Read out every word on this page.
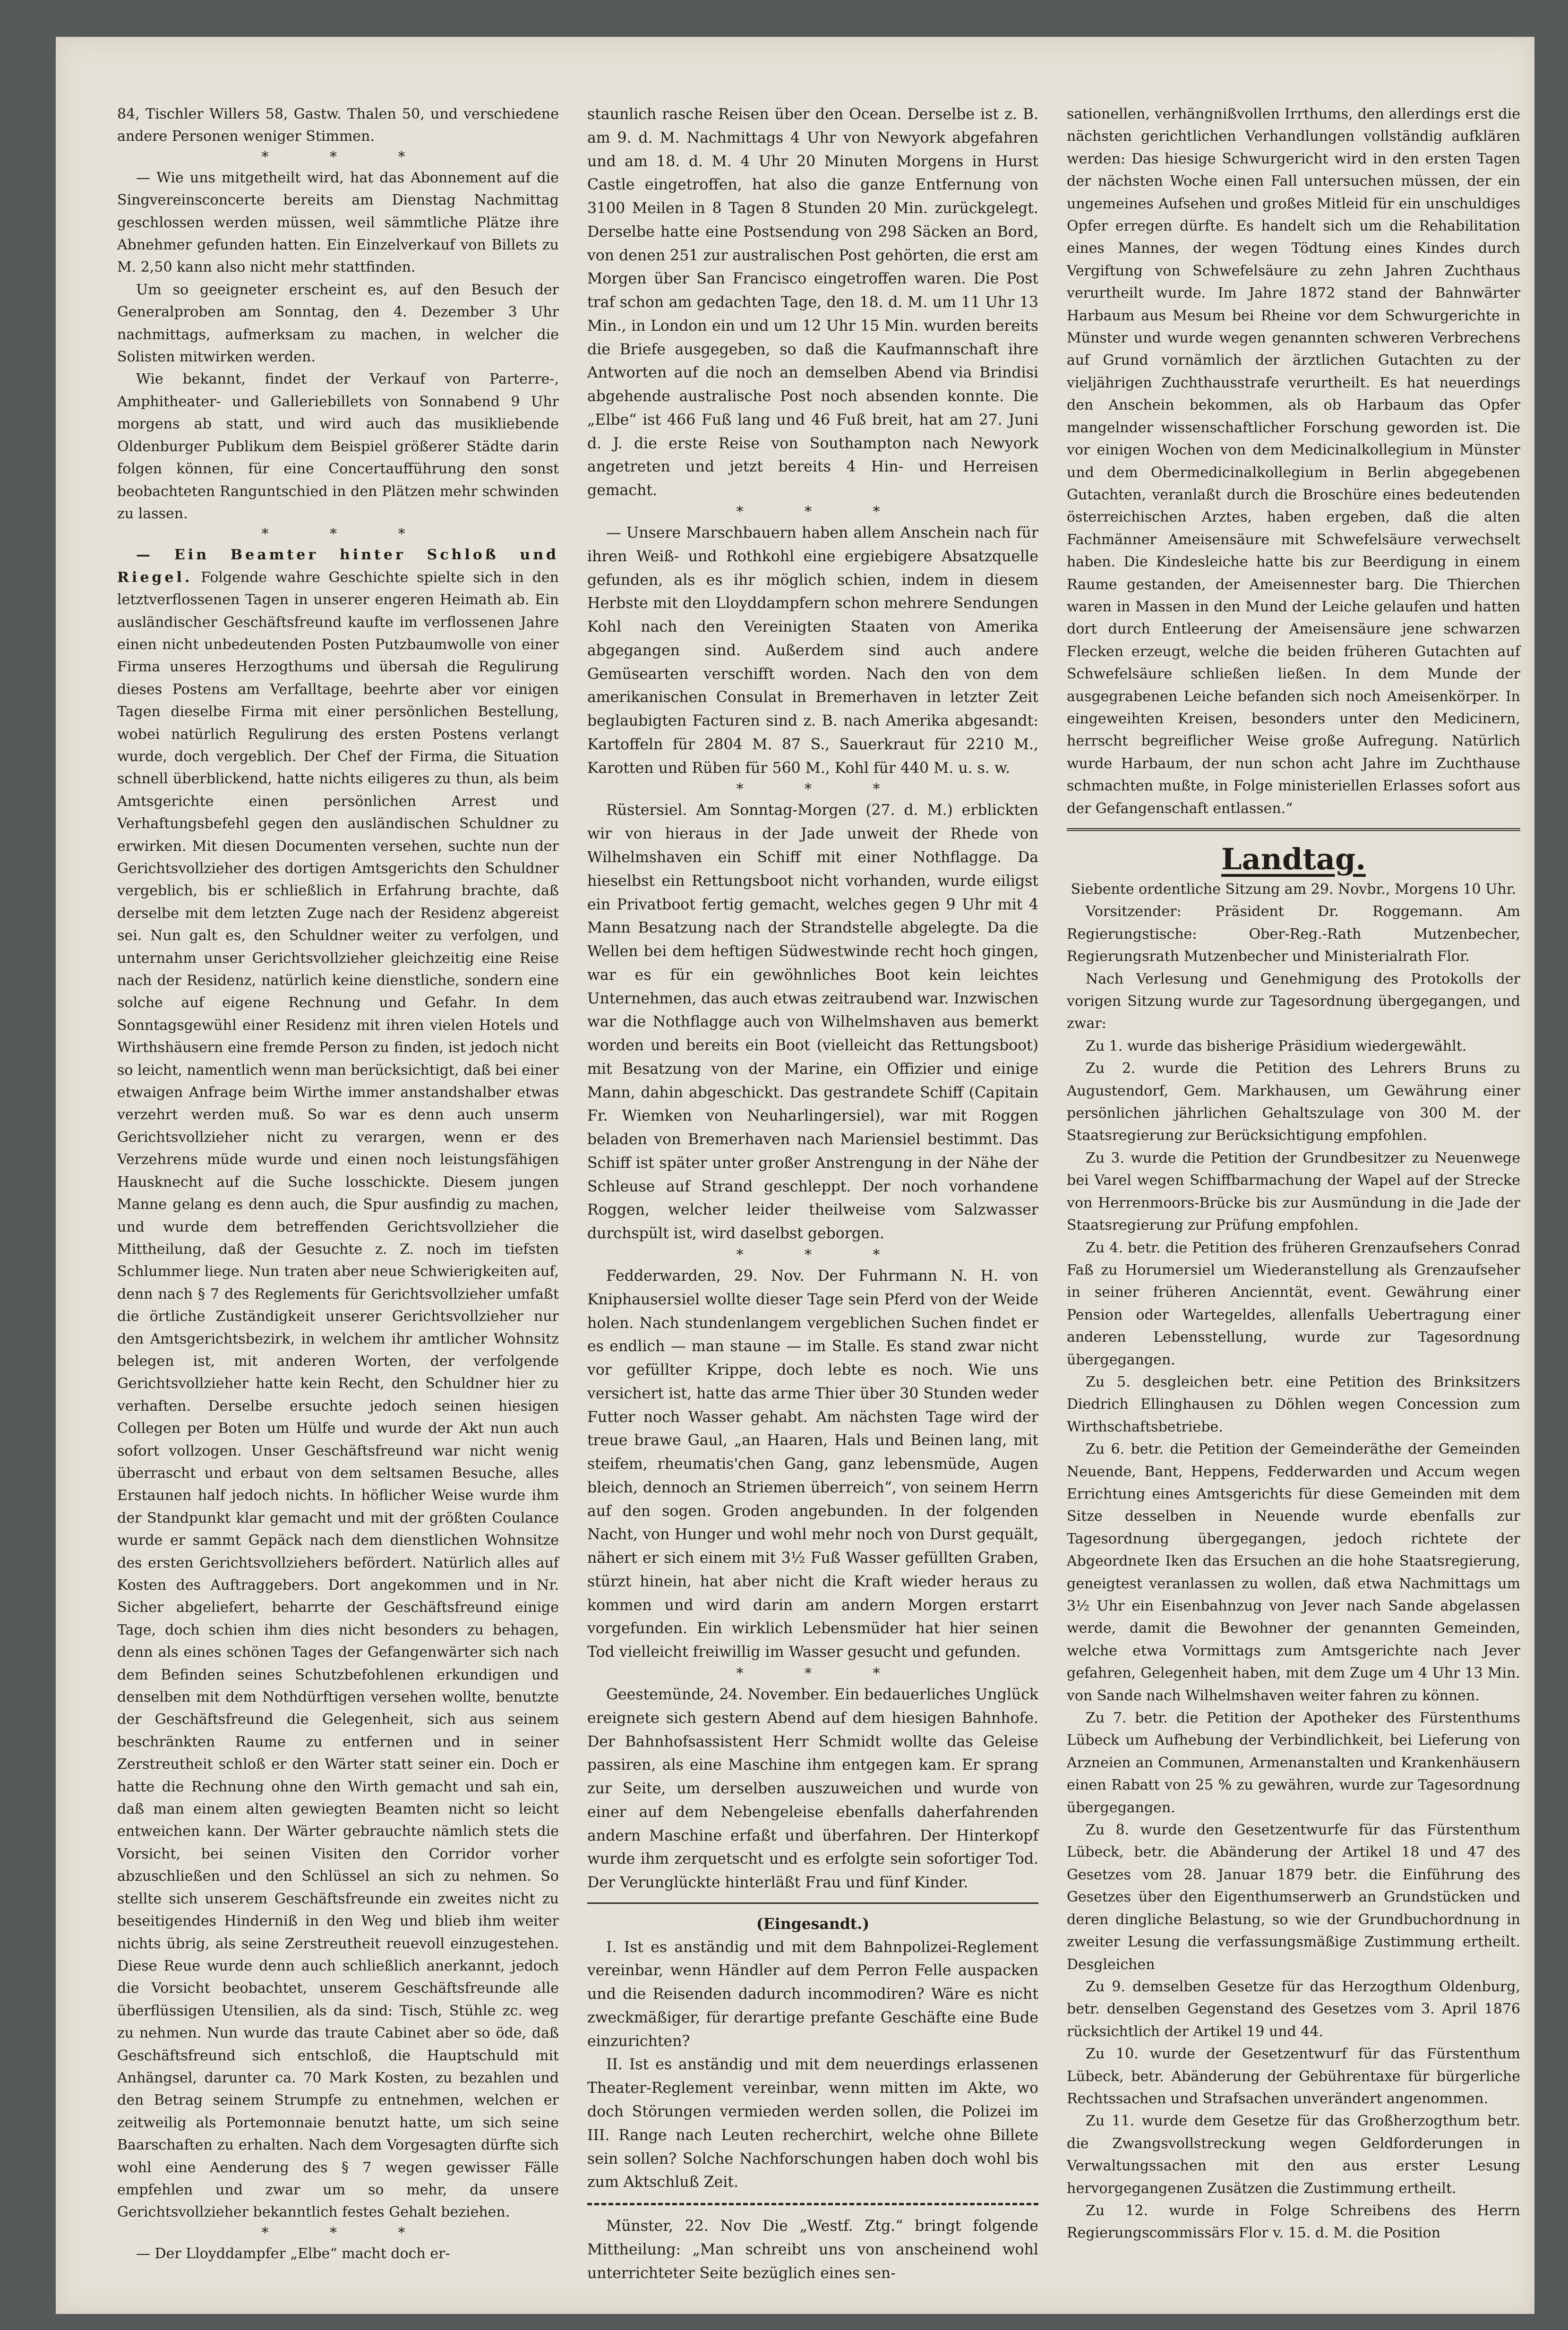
84, Tischler Willers 58, Gastw. Thalen 50, und verschiedene andere Personen weniger Stimmen.

* * *

— Wie uns mitgetheilt wird, hat das Abonnement auf die Singvereinsconcerte bereits am Dienstag Nachmittag geschlossen werden müssen, weil sämmtliche Plätze ihre Abnehmer gefunden hatten. Ein Einzelverkauf von Billets zu M. 2,50 kann also nicht mehr stattfinden.

Um so geeigneter erscheint es, auf den Besuch der Generalproben am Sonntag, den 4. Dezember 3 Uhr nachmittags, aufmerksam zu machen, in welcher die Solisten mitwirken werden.

Wie bekannt, findet der Verkauf von Parterre-, Amphitheater- und Galleriebillets von Sonnabend 9 Uhr morgens ab statt, und wird auch das musikliebende Oldenburger Publikum dem Beispiel größerer Städte darin folgen können, für eine Concertaufführung den sonst beobachteten Ranguntschied in den Plätzen mehr schwinden zu lassen.

* * *

— Ein Beamter hinter Schloß und Riegel. Folgende wahre Geschichte spielte sich in den letztverflossenen Tagen in unserer engeren Heimath ab. Ein ausländischer Geschäftsfreund kaufte im verflossenen Jahre einen nicht unbedeutenden Posten Putzbaumwolle von einer Firma unseres Herzogthums und übersah die Regulirung dieses Postens am Verfalltage, beehrte aber vor einigen Tagen dieselbe Firma mit einer persönlichen Bestellung, wobei natürlich Regulirung des ersten Postens verlangt wurde, doch vergeblich. Der Chef der Firma, die Situation schnell überblickend, hatte nichts eiligeres zu thun, als beim Amtsgerichte einen persönlichen Arrest und Verhaftungsbefehl gegen den ausländischen Schuldner zu erwirken. Mit diesen Documenten versehen, suchte nun der Gerichtsvollzieher des dortigen Amtsgerichts den Schuldner vergeblich, bis er schließlich in Erfahrung brachte, daß derselbe mit dem letzten Zuge nach der Residenz abgereist sei. Nun galt es, den Schuldner weiter zu verfolgen, und unternahm unser Gerichtsvollzieher gleichzeitig eine Reise nach der Residenz, natürlich keine dienstliche, sondern eine solche auf eigene Rechnung und Gefahr. In dem Sonntagsgewühl einer Residenz mit ihren vielen Hotels und Wirthshäusern eine fremde Person zu finden, ist jedoch nicht so leicht, namentlich wenn man berücksichtigt, daß bei einer etwaigen Anfrage beim Wirthe immer anstandshalber etwas verzehrt werden muß. So war es denn auch unserm Gerichtsvollzieher nicht zu verargen, wenn er des Verzehrens müde wurde und einen noch leistungsfähigen Hausknecht auf die Suche losschickte. Diesem jungen Manne gelang es denn auch, die Spur ausfindig zu machen, und wurde dem betreffenden Gerichtsvollzieher die Mittheilung, daß der Gesuchte z. Z. noch im tiefsten Schlummer liege. Nun traten aber neue Schwierigkeiten auf, denn nach § 7 des Reglements für Gerichtsvollzieher umfaßt die örtliche Zuständigkeit unserer Gerichtsvollzieher nur den Amtsgerichtsbezirk, in welchem ihr amtlicher Wohnsitz belegen ist, mit anderen Worten, der verfolgende Gerichtsvollzieher hatte kein Recht, den Schuldner hier zu verhaften. Derselbe ersuchte jedoch seinen hiesigen Collegen per Boten um Hülfe und wurde der Akt nun auch sofort vollzogen. Unser Geschäftsfreund war nicht wenig überrascht und erbaut von dem seltsamen Besuche, alles Erstaunen half jedoch nichts. In höflicher Weise wurde ihm der Standpunkt klar gemacht und mit der größten Coulance wurde er sammt Gepäck nach dem dienstlichen Wohnsitze des ersten Gerichtsvollziehers befördert. Natürlich alles auf Kosten des Auftraggebers. Dort angekommen und in Nr. Sicher abgeliefert, beharrte der Geschäftsfreund einige Tage, doch schien ihm dies nicht besonders zu behagen, denn als eines schönen Tages der Gefangenwärter sich nach dem Befinden seines Schutzbefohlenen erkundigen und denselben mit dem Nothdürftigen versehen wollte, benutzte der Geschäftsfreund die Gelegenheit, sich aus seinem beschränkten Raume zu entfernen und in seiner Zerstreutheit schloß er den Wärter statt seiner ein. Doch er hatte die Rechnung ohne den Wirth gemacht und sah ein, daß man einem alten gewiegten Beamten nicht so leicht entweichen kann. Der Wärter gebrauchte nämlich stets die Vorsicht, bei seinen Visiten den Corridor vorher abzuschließen und den Schlüssel an sich zu nehmen. So stellte sich unserem Geschäftsfreunde ein zweites nicht zu beseitigendes Hinderniß in den Weg und blieb ihm weiter nichts übrig, als seine Zerstreutheit reuevoll einzugestehen. Diese Reue wurde denn auch schließlich anerkannt, jedoch die Vorsicht beobachtet, unserem Geschäftsfreunde alle überflüssigen Utensilien, als da sind: Tisch, Stühle zc. weg zu nehmen. Nun wurde das traute Cabinet aber so öde, daß Geschäftsfreund sich entschloß, die Hauptschuld mit Anhängsel, darunter ca. 70 Mark Kosten, zu bezahlen und den Betrag seinem Strumpfe zu entnehmen, welchen er zeitweilig als Portemonnaie benutzt hatte, um sich seine Baarschaften zu erhalten. Nach dem Vorgesagten dürfte sich wohl eine Aenderung des § 7 wegen gewisser Fälle empfehlen und zwar um so mehr, da unsere Gerichtsvollzieher bekanntlich festes Gehalt beziehen.

* * *

— Der Lloyddampfer „Elbe“ macht doch er-

staunlich rasche Reisen über den Ocean. Derselbe ist z. B. am 9. d. M. Nachmittags 4 Uhr von Newyork abgefahren und am 18. d. M. 4 Uhr 20 Minuten Morgens in Hurst Castle eingetroffen, hat also die ganze Entfernung von 3100 Meilen in 8 Tagen 8 Stunden 20 Min. zurückgelegt. Derselbe hatte eine Postsendung von 298 Säcken an Bord, von denen 251 zur australischen Post gehörten, die erst am Morgen über San Francisco eingetroffen waren. Die Post traf schon am gedachten Tage, den 18. d. M. um 11 Uhr 13 Min., in London ein und um 12 Uhr 15 Min. wurden bereits die Briefe ausgegeben, so daß die Kaufmannschaft ihre Antworten auf die noch an demselben Abend via Brindisi abgehende australische Post noch absenden konnte. Die „Elbe“ ist 466 Fuß lang und 46 Fuß breit, hat am 27. Juni d. J. die erste Reise von Southampton nach Newyork angetreten und jetzt bereits 4 Hin- und Herreisen gemacht.

* * *

— Unsere Marschbauern haben allem Anschein nach für ihren Weiß- und Rothkohl eine ergiebigere Absatzquelle gefunden, als es ihr möglich schien, indem in diesem Herbste mit den Lloyddampfern schon mehrere Sendungen Kohl nach den Vereinigten Staaten von Amerika abgegangen sind. Außerdem sind auch andere Gemüsearten verschifft worden. Nach den von dem amerikanischen Consulat in Bremerhaven in letzter Zeit beglaubigten Facturen sind z. B. nach Amerika abgesandt: Kartoffeln für 2804 M. 87 S., Sauerkraut für 2210 M., Karotten und Rüben für 560 M., Kohl für 440 M. u. s. w.

* * *

Rüstersiel. Am Sonntag-Morgen (27. d. M.) erblickten wir von hieraus in der Jade unweit der Rhede von Wilhelmshaven ein Schiff mit einer Nothflagge. Da hieselbst ein Rettungsboot nicht vorhanden, wurde eiligst ein Privatboot fertig gemacht, welches gegen 9 Uhr mit 4 Mann Besatzung nach der Strandstelle abgelegte. Da die Wellen bei dem heftigen Südwestwinde recht hoch gingen, war es für ein gewöhnliches Boot kein leichtes Unternehmen, das auch etwas zeitraubend war. Inzwischen war die Nothflagge auch von Wilhelmshaven aus bemerkt worden und bereits ein Boot (vielleicht das Rettungsboot) mit Besatzung von der Marine, ein Offizier und einige Mann, dahin abgeschickt. Das gestrandete Schiff (Capitain Fr. Wiemken von Neuharlingersiel), war mit Roggen beladen von Bremerhaven nach Mariensiel bestimmt. Das Schiff ist später unter großer Anstrengung in der Nähe der Schleuse auf Strand geschleppt. Der noch vorhandene Roggen, welcher leider theilweise vom Salzwasser durchspült ist, wird daselbst geborgen.

* * *

Fedderwarden, 29. Nov. Der Fuhrmann N. H. von Kniphausersiel wollte dieser Tage sein Pferd von der Weide holen. Nach stundenlangem vergeblichen Suchen findet er es endlich — man staune — im Stalle. Es stand zwar nicht vor gefüllter Krippe, doch lebte es noch. Wie uns versichert ist, hatte das arme Thier über 30 Stunden weder Futter noch Wasser gehabt. Am nächsten Tage wird der treue brawe Gaul, „an Haaren, Hals und Beinen lang, mit steifem, rheumatis'chen Gang, ganz lebensmüde, Augen bleich, dennoch an Striemen überreich“, von seinem Herrn auf den sogen. Groden angebunden. In der folgenden Nacht, von Hunger und wohl mehr noch von Durst gequält, nähert er sich einem mit 3½ Fuß Wasser gefüllten Graben, stürzt hinein, hat aber nicht die Kraft wieder heraus zu kommen und wird darin am andern Morgen erstarrt vorgefunden. Ein wirklich Lebensmüder hat hier seinen Tod vielleicht freiwillig im Wasser gesucht und gefunden.

* * *

Geestemünde, 24. November. Ein bedauerliches Unglück ereignete sich gestern Abend auf dem hiesigen Bahnhofe. Der Bahnhofsassistent Herr Schmidt wollte das Geleise passiren, als eine Maschine ihm entgegen kam. Er sprang zur Seite, um derselben auszuweichen und wurde von einer auf dem Nebengeleise ebenfalls daherfahrenden andern Maschine erfaßt und überfahren. Der Hinterkopf wurde ihm zerquetscht und es erfolgte sein sofortiger Tod. Der Verunglückte hinterläßt Frau und fünf Kinder.

(Eingesandt.)

I. Ist es anständig und mit dem Bahnpolizei-Reglement vereinbar, wenn Händler auf dem Perron Felle auspacken und die Reisenden dadurch incommodiren? Wäre es nicht zweckmäßiger, für derartige prefante Geschäfte eine Bude einzurichten?

II. Ist es anständig und mit dem neuerdings erlassenen Theater-Reglement vereinbar, wenn mitten im Akte, wo doch Störungen vermieden werden sollen, die Polizei im III. Range nach Leuten recherchirt, welche ohne Billete sein sollen? Solche Nachforschungen haben doch wohl bis zum Aktschluß Zeit.

Münster, 22. Nov Die „Westf. Ztg.“ bringt folgende Mittheilung: „Man schreibt uns von anscheinend wohl unterrichteter Seite bezüglich eines sen-

sationellen, verhängnißvollen Irrthums, den allerdings erst die nächsten gerichtlichen Verhandlungen vollständig aufklären werden: Das hiesige Schwurgericht wird in den ersten Tagen der nächsten Woche einen Fall untersuchen müssen, der ein ungemeines Aufsehen und großes Mitleid für ein unschuldiges Opfer erregen dürfte. Es handelt sich um die Rehabilitation eines Mannes, der wegen Tödtung eines Kindes durch Vergiftung von Schwefelsäure zu zehn Jahren Zuchthaus verurtheilt wurde. Im Jahre 1872 stand der Bahnwärter Harbaum aus Mesum bei Rheine vor dem Schwurgerichte in Münster und wurde wegen genannten schweren Verbrechens auf Grund vornämlich der ärztlichen Gutachten zu der vieljährigen Zuchthausstrafe verurtheilt. Es hat neuerdings den Anschein bekommen, als ob Harbaum das Opfer mangelnder wissenschaftlicher Forschung geworden ist. Die vor einigen Wochen von dem Medicinalkollegium in Münster und dem Obermedicinalkollegium in Berlin abgegebenen Gutachten, veranlaßt durch die Broschüre eines bedeutenden österreichischen Arztes, haben ergeben, daß die alten Fachmänner Ameisensäure mit Schwefelsäure verwechselt haben. Die Kindesleiche hatte bis zur Beerdigung in einem Raume gestanden, der Ameisennester barg. Die Thierchen waren in Massen in den Mund der Leiche gelaufen und hatten dort durch Entleerung der Ameisensäure jene schwarzen Flecken erzeugt, welche die beiden früheren Gutachten auf Schwefelsäure schließen ließen. In dem Munde der ausgegrabenen Leiche befanden sich noch Ameisenkörper. In eingeweihten Kreisen, besonders unter den Medicinern, herrscht begreiflicher Weise große Aufregung. Natürlich wurde Harbaum, der nun schon acht Jahre im Zuchthause schmachten mußte, in Folge ministeriellen Erlasses sofort aus der Gefangenschaft entlassen.“

Landtag.

Siebente ordentliche Sitzung am 29. Novbr., Morgens 10 Uhr.

Vorsitzender: Präsident Dr. Roggemann. Am Regierungstische: Ober-Reg.-Rath Mutzenbecher, Regierungsrath Mutzenbecher und Ministerialrath Flor.

Nach Verlesung und Genehmigung des Protokolls der vorigen Sitzung wurde zur Tagesordnung übergegangen, und zwar:

Zu 1. wurde das bisherige Präsidium wiedergewählt.

Zu 2. wurde die Petition des Lehrers Bruns zu Augustendorf, Gem. Markhausen, um Gewährung einer persönlichen jährlichen Gehaltszulage von 300 M. der Staatsregierung zur Berücksichtigung empfohlen.

Zu 3. wurde die Petition der Grundbesitzer zu Neuenwege bei Varel wegen Schiffbarmachung der Wapel auf der Strecke von Herrenmoors-Brücke bis zur Ausmündung in die Jade der Staatsregierung zur Prüfung empfohlen.

Zu 4. betr. die Petition des früheren Grenzaufsehers Conrad Faß zu Horumersiel um Wiederanstellung als Grenzaufseher in seiner früheren Ancienntät, event. Gewährung einer Pension oder Wartegeldes, allenfalls Uebertragung einer anderen Lebensstellung, wurde zur Tagesordnung übergegangen.

Zu 5. desgleichen betr. eine Petition des Brinksitzers Diedrich Ellinghausen zu Döhlen wegen Concession zum Wirthschaftsbetriebe.

Zu 6. betr. die Petition der Gemeinderäthe der Gemeinden Neuende, Bant, Heppens, Fedderwarden und Accum wegen Errichtung eines Amtsgerichts für diese Gemeinden mit dem Sitze desselben in Neuende wurde ebenfalls zur Tagesordnung übergegangen, jedoch richtete der Abgeordnete Iken das Ersuchen an die hohe Staatsregierung, geneigtest veranlassen zu wollen, daß etwa Nachmittags um 3½ Uhr ein Eisenbahnzug von Jever nach Sande abgelassen werde, damit die Bewohner der genannten Gemeinden, welche etwa Vormittags zum Amtsgerichte nach Jever gefahren, Gelegenheit haben, mit dem Zuge um 4 Uhr 13 Min. von Sande nach Wilhelmshaven weiter fahren zu können.

Zu 7. betr. die Petition der Apotheker des Fürstenthums Lübeck um Aufhebung der Verbindlichkeit, bei Lieferung von Arzneien an Communen, Armenanstalten und Krankenhäusern einen Rabatt von 25 % zu gewähren, wurde zur Tagesordnung übergegangen.

Zu 8. wurde den Gesetzentwurfe für das Fürstenthum Lübeck, betr. die Abänderung der Artikel 18 und 47 des Gesetzes vom 28. Januar 1879 betr. die Einführung des Gesetzes über den Eigenthumserwerb an Grundstücken und deren dingliche Belastung, so wie der Grundbuchordnung in zweiter Lesung die verfassungsmäßige Zustimmung ertheilt. Desgleichen

Zu 9. demselben Gesetze für das Herzogthum Oldenburg, betr. denselben Gegenstand des Gesetzes vom 3. April 1876 rücksichtlich der Artikel 19 und 44.

Zu 10. wurde der Gesetzentwurf für das Fürstenthum Lübeck, betr. Abänderung der Gebührentaxe für bürgerliche Rechtssachen und Strafsachen unverändert angenommen.

Zu 11. wurde dem Gesetze für das Großherzogthum betr. die Zwangsvollstreckung wegen Geldforderungen in Verwaltungssachen mit den aus erster Lesung hervorgegangenen Zusätzen die Zustimmung ertheilt.

Zu 12. wurde in Folge Schreibens des Herrn Regierungscommissärs Flor v. 15. d. M. die Position
